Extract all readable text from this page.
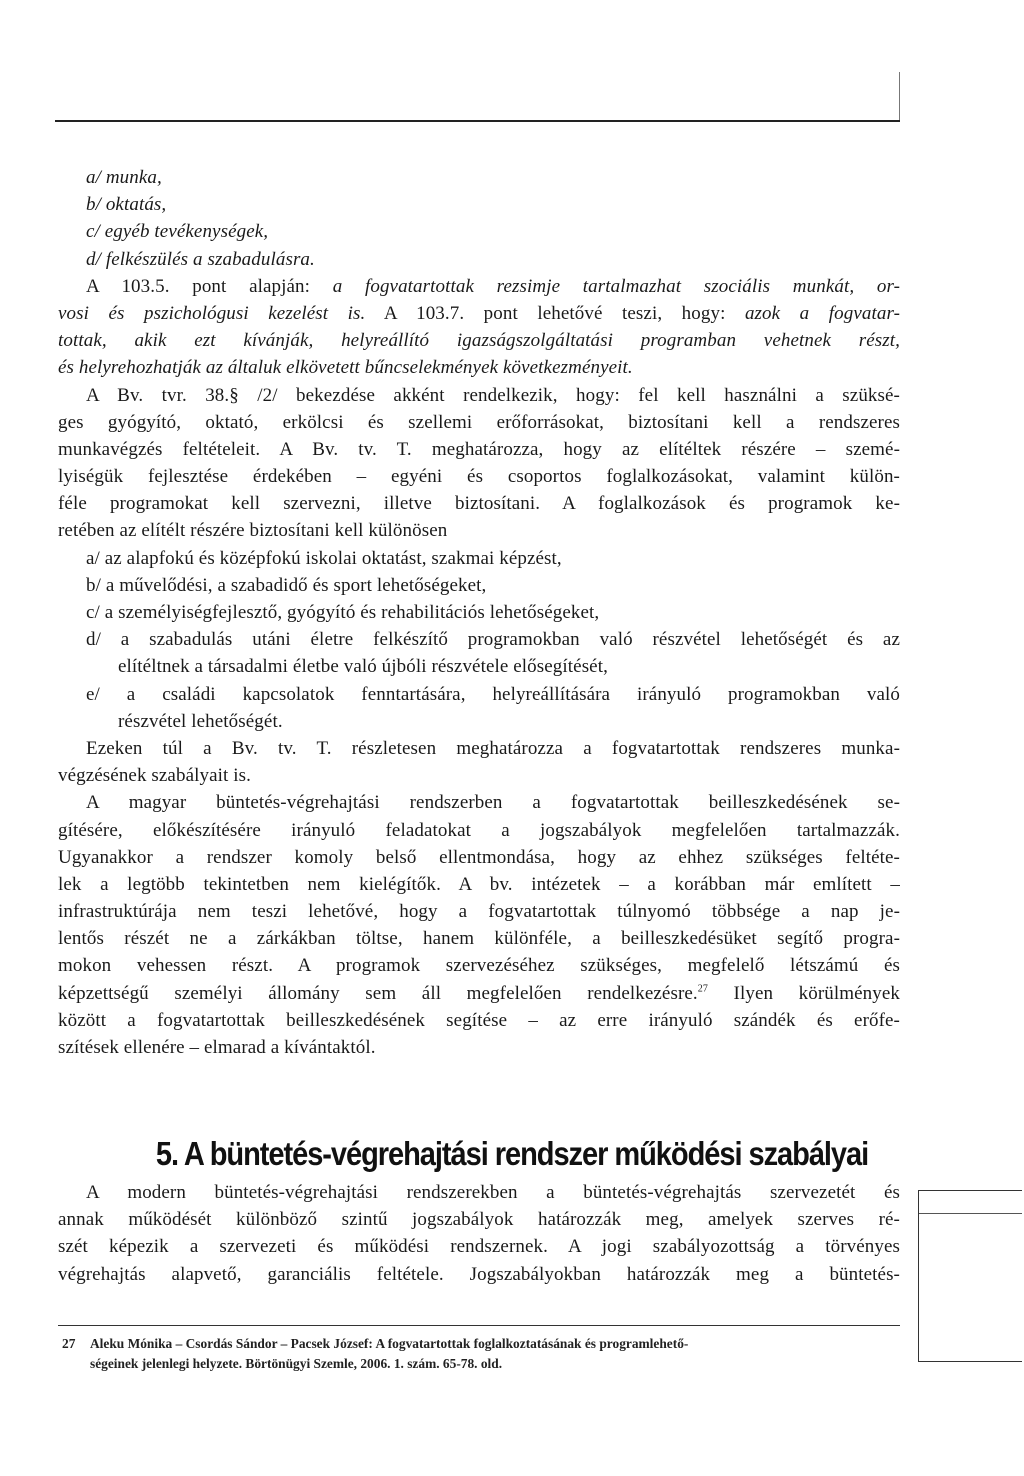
a/ munka,
b/ oktatás,
c/ egyéb tevékenységek,
d/ felkészülés a szabadulásra.
A 103.5. pont alapján: a fogvatartottak rezsimje tartalmazhat szociális munkát, or-
vosi és pszichológusi kezelést is. A 103.7. pont lehetővé teszi, hogy: azok a fogvatar-
tottak, akik ezt kívánják, helyreállító igazságszolgáltatási programban vehetnek részt,
és helyrehozhatják az általuk elkövetett bűncselekmények következményeit.
A Bv. tvr. 38.§ /2/ bekezdése akként rendelkezik, hogy: fel kell használni a szüksé-
ges gyógyító, oktató, erkölcsi és szellemi erőforrásokat, biztosítani kell a rendszeres
munkavégzés feltételeit. A Bv. tv. T. meghatározza, hogy az elítéltek részére – szemé-
lyiségük fejlesztése érdekében – egyéni és csoportos foglalkozásokat, valamint külön-
féle programokat kell szervezni, illetve biztosítani. A foglalkozások és programok ke-
retében az elítélt részére biztosítani kell különösen
a/ az alapfokú és középfokú iskolai oktatást, szakmai képzést,
b/ a művelődési, a szabadidő és sport lehetőségeket,
c/ a személyiségfejlesztő, gyógyító és rehabilitációs lehetőségeket,
d/ a szabadulás utáni életre felkészítő programokban való részvétel lehetőségét és az
elítéltnek a társadalmi életbe való újbóli részvétele elősegítését,
e/ a családi kapcsolatok fenntartására, helyreállítására irányuló programokban való
részvétel lehetőségét.
Ezeken túl a Bv. tv. T. részletesen meghatározza a fogvatartottak rendszeres munka-
végzésének szabályait is.
A magyar büntetés-végrehajtási rendszerben a fogvatartottak beilleszkedésének se-
gítésére, előkészítésére irányuló feladatokat a jogszabályok megfelelően tartalmazzák.
Ugyanakkor a rendszer komoly belső ellentmondása, hogy az ehhez szükséges feltéte-
lek a legtöbb tekintetben nem kielégítők. A bv. intézetek – a korábban már említett –
infrastruktúrája nem teszi lehetővé, hogy a fogvatartottak túlnyomó többsége a nap je-
lentős részét ne a zárkákban töltse, hanem különféle, a beilleszkedésüket segítő progra-
mokon vehessen részt. A programok szervezéséhez szükséges, megfelelő létszámú és
képzettségű személyi állomány sem áll megfelelően rendelkezésre.$^{27}$ Ilyen körülmények
között a fogvatartottak beilleszkedésének segítése – az erre irányuló szándék és erőfe-
szítések ellenére – elmarad a kívántaktól.
5. A büntetés-végrehajtási rendszer működési szabályai
A modern büntetés-végrehajtási rendszerekben a büntetés-végrehajtás szervezetét és
annak működését különböző szintű jogszabályok határozzák meg, amelyek szerves ré-
szét képezik a szervezeti és működési rendszernek. A jogi szabályozottság a törvényes
végrehajtás alapvető, garanciális feltétele. Jogszabályokban határozzák meg a büntetés-
27 Aleku Mónika – Csordás Sándor – Pacsek József: A fogvatartottak foglalkoztatásának és programlehető-
ségeinek jelenlegi helyzete. Börtönügyi Szemle, 2006. 1. szám. 65-78. old.
